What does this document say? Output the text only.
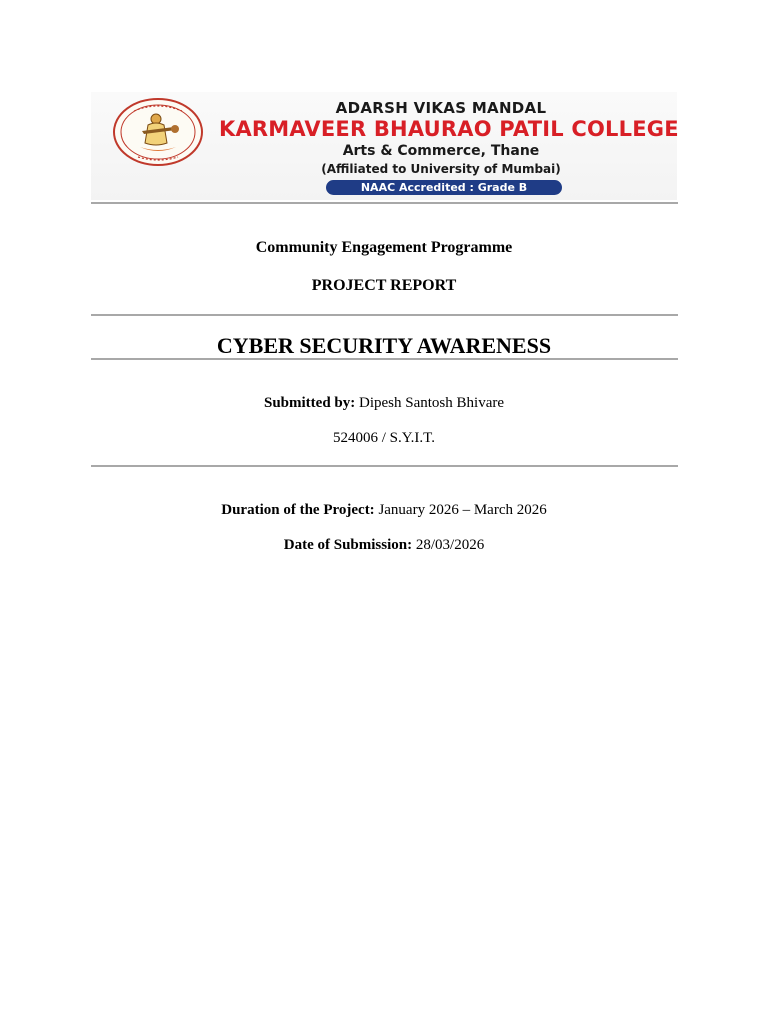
ADARSH VIKAS MANDAL
KARMAVEER BHAURAO PATIL COLLEGE
Arts & Commerce, Thane
(Affiliated to University of Mumbai)
NAAC Accredited : Grade B
Community Engagement Programme
PROJECT REPORT
CYBER SECURITY AWARENESS
Submitted by: Dipesh Santosh Bhivare
524006 / S.Y.I.T.
Duration of the Project: January 2026 – March 2026
Date of Submission: 28/03/2026
